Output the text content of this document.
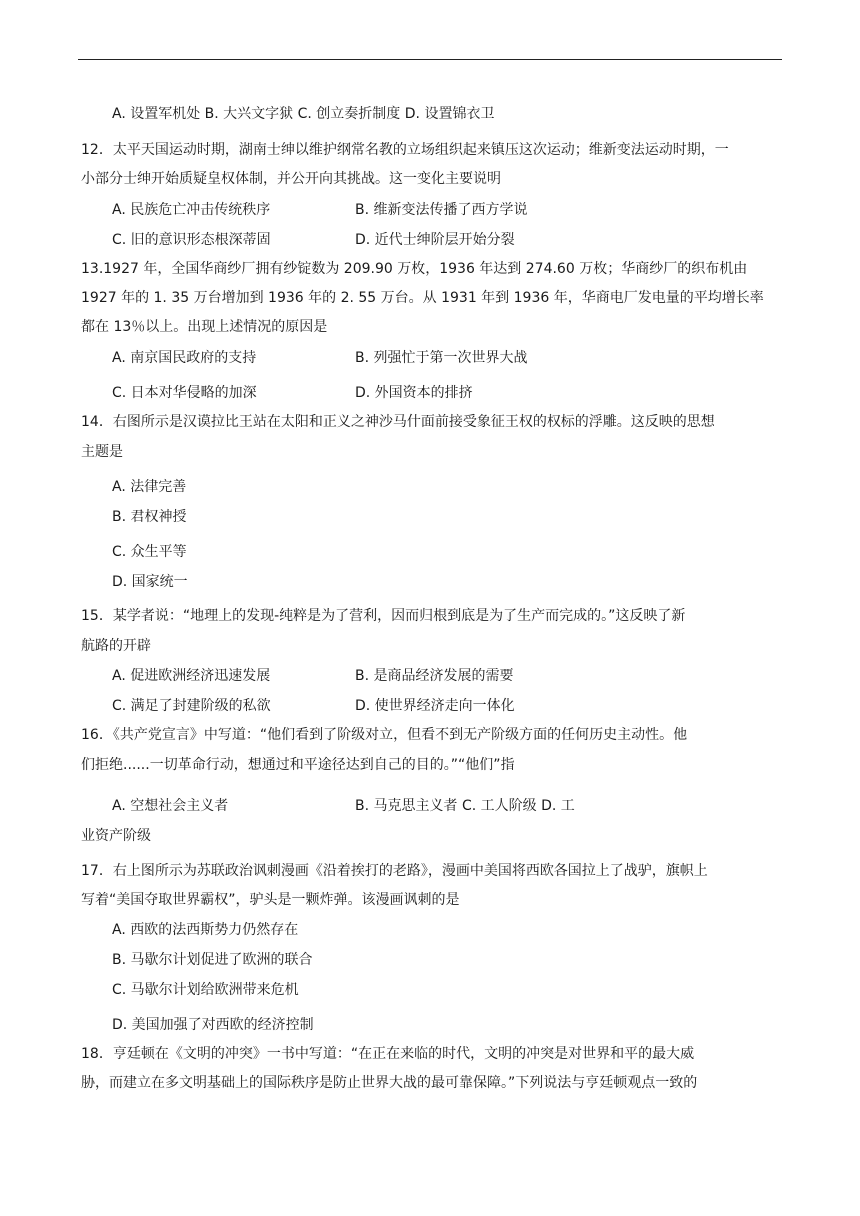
A. 设置军机处 B. 大兴文字狱 C. 创立奏折制度 D. 设置锦衣卫
12．太平天国运动时期，湖南士绅以维护纲常名教的立场组织起来镇压这次运动；维新变法运动时期，一
小部分士绅开始质疑皇权体制，并公开向其挑战。这一变化主要说明
A. 民族危亡冲击传统秩序	B. 维新变法传播了西方学说
C. 旧的意识形态根深蒂固	D. 近代士绅阶层开始分裂
13.1927 年，全国华商纱厂拥有纱锭数为 209.90 万枚，1936 年达到 274.60 万枚；华商纱厂的织布机由
1927 年的 1. 35 万台增加到 1936 年的 2. 55 万台。从 1931 年到 1936 年，华商电厂发电量的平均增长率
都在 13％以上。出现上述情况的原因是
A. 南京国民政府的支持	B. 列强忙于第一次世界大战
C. 日本对华侵略的加深	D. 外国资本的排挤
14．右图所示是汉谟拉比王站在太阳和正义之神沙马什面前接受象征王权的权标的浮雕。这反映的思想
主题是
A. 法律完善
B. 君权神授
C. 众生平等
D. 国家统一
15．某学者说：“地理上的发现-纯粹是为了营利，因而归根到底是为了生产而完成的。”这反映了新
航路的开辟
A. 促进欧洲经济迅速发展	B. 是商品经济发展的需要
C. 满足了封建阶级的私欲	D. 使世界经济走向一体化
16．《共产党宣言》中写道：“他们看到了阶级对立，但看不到无产阶级方面的任何历史主动性。他
们拒绝......一切革命行动，想通过和平途径达到自己的目的。”“他们”指
A. 空想社会主义者	B. 马克思主义者 C. 工人阶级 D. 工
业资产阶级
17．右上图所示为苏联政治讽刺漫画《沿着挨打的老路》，漫画中美国将西欧各国拉上了战驴，旗帜上
写着“美国夺取世界霸权”，驴头是一颗炸弹。该漫画讽刺的是
A. 西欧的法西斯势力仍然存在
B. 马歇尔计划促进了欧洲的联合
C. 马歇尔计划给欧洲带来危机
D. 美国加强了对西欧的经济控制
18．亨廷顿在《文明的冲突》一书中写道：“在正在来临的时代，文明的冲突是对世界和平的最大威
胁，而建立在多文明基础上的国际秩序是防止世界大战的最可靠保障。”下列说法与亨廷顿观点一致的
